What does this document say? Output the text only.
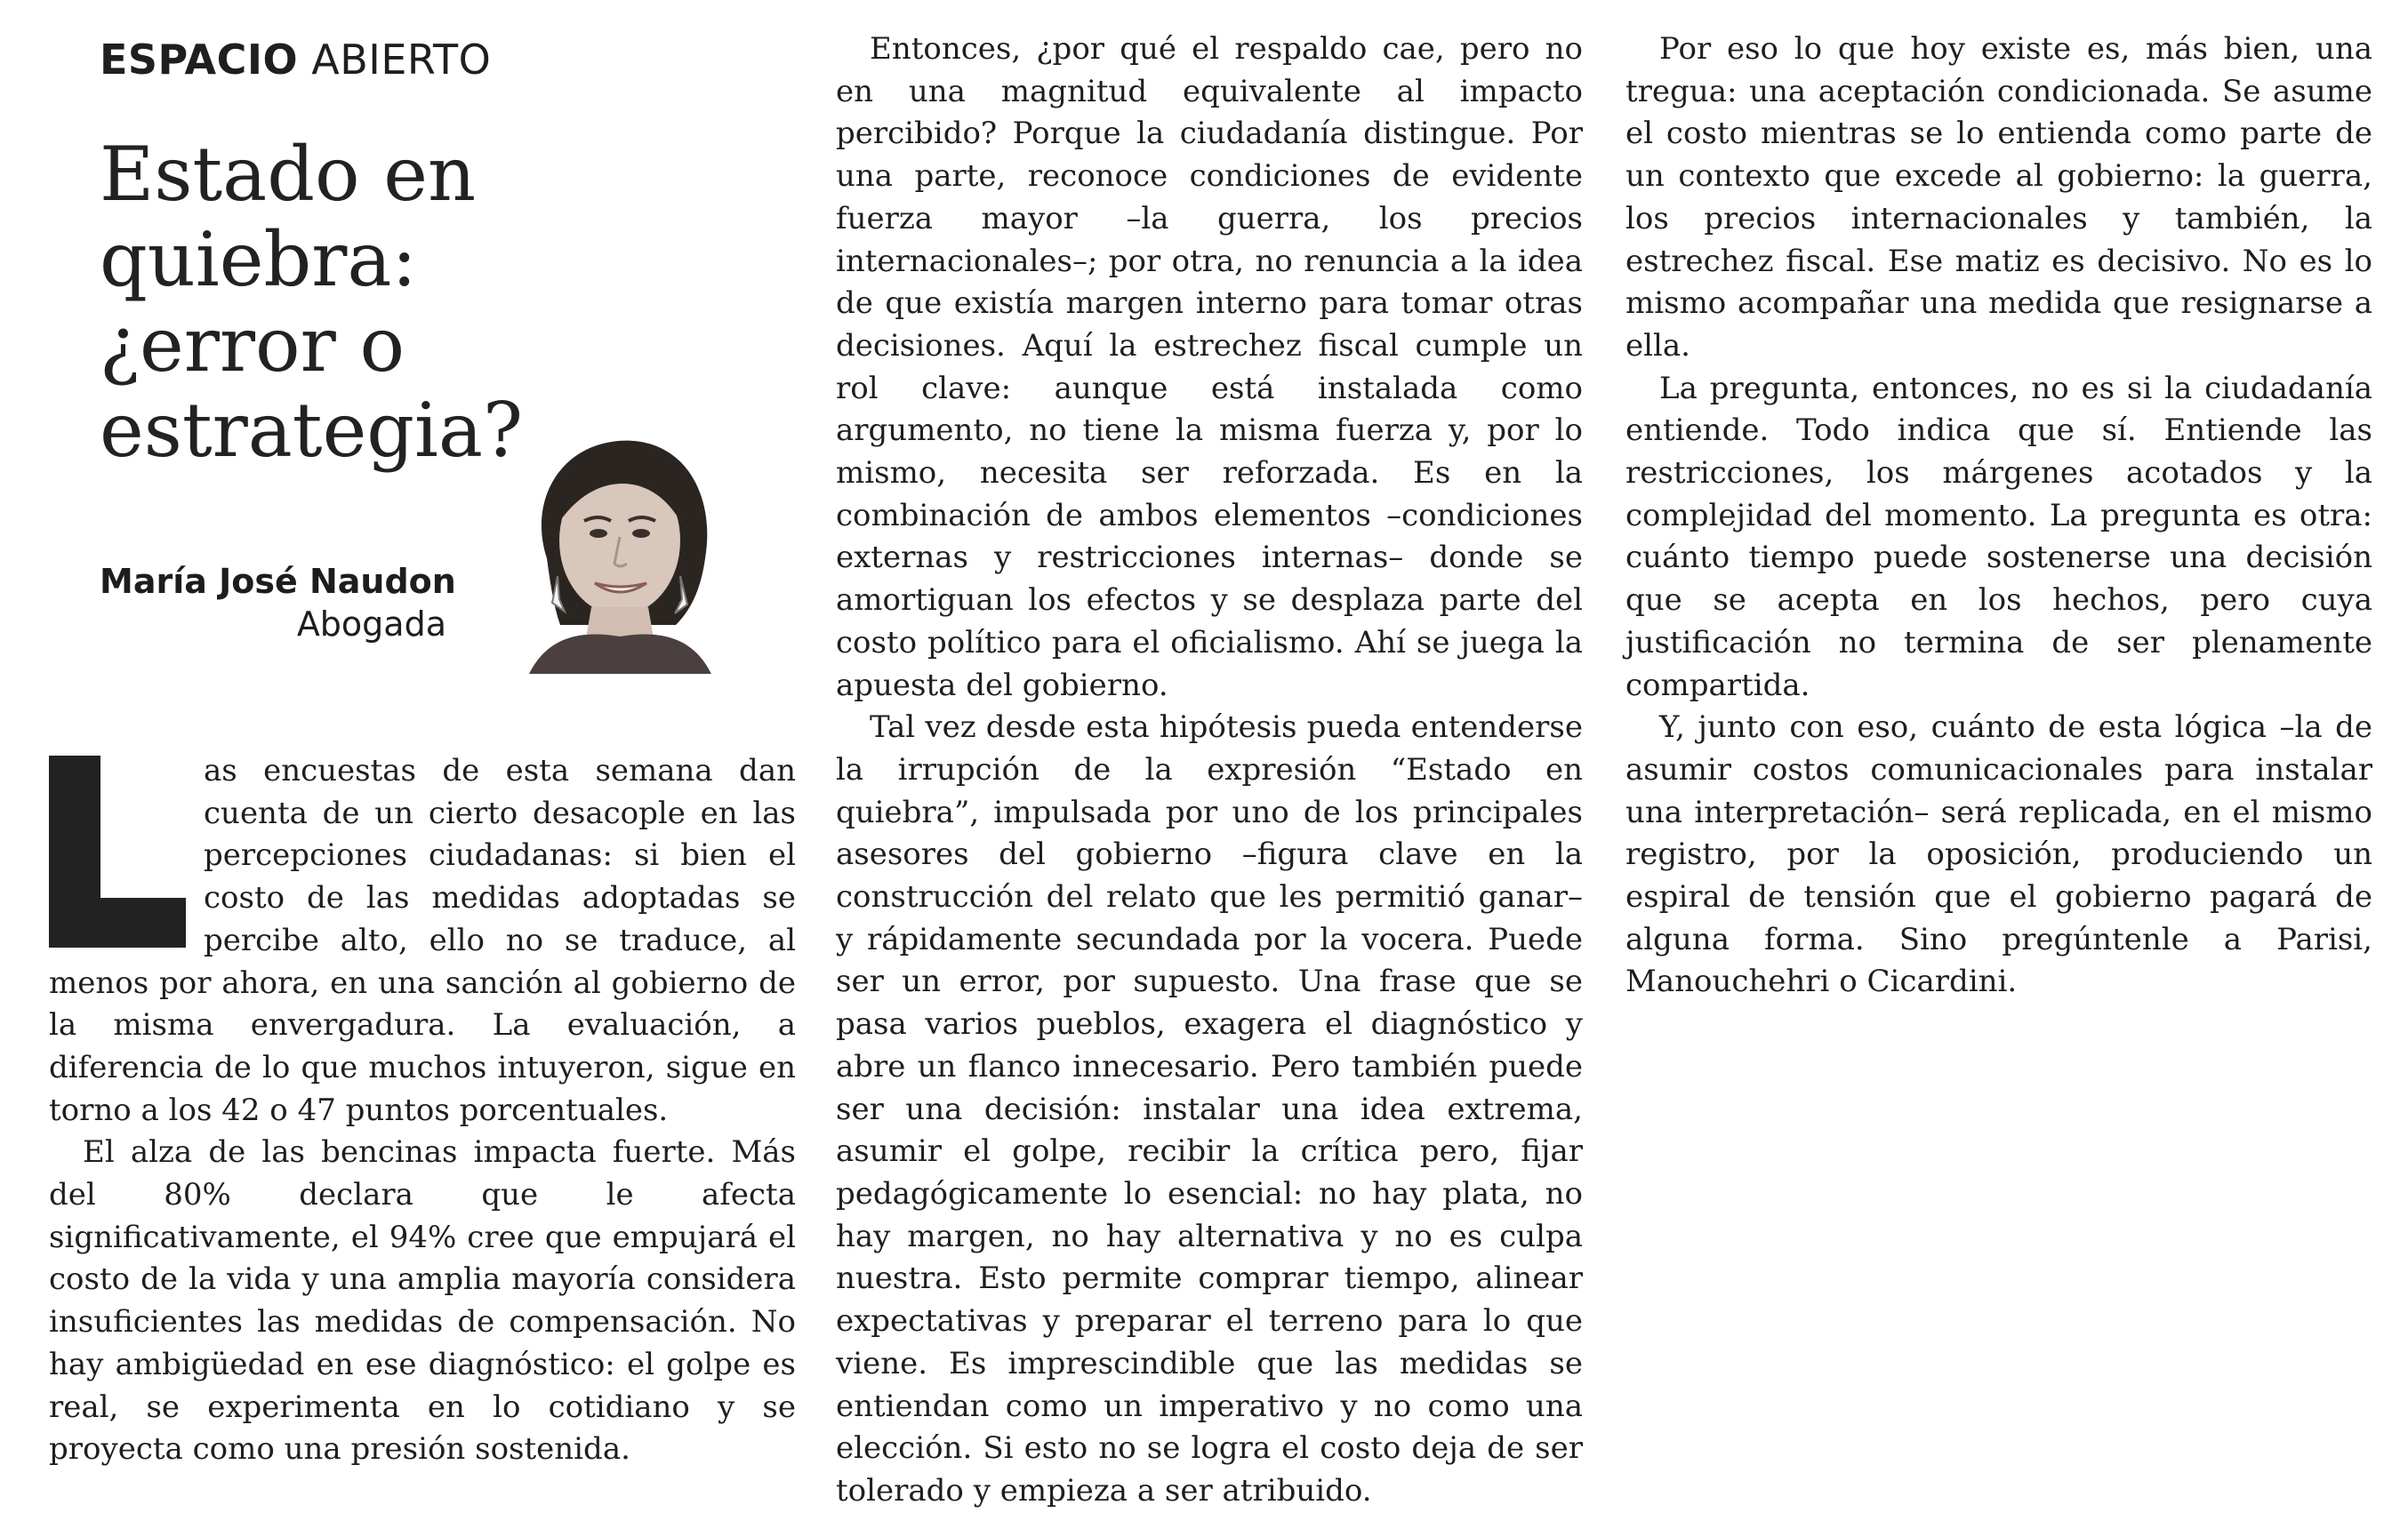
ESPACIO ABIERTO
Estado en quiebra: ¿error o estrategia?
María José Naudon
Abogada
L

as encuestas de esta semana dan cuenta de un cierto desacople en las percepciones ciudadanas: si bien el costo de las medidas adoptadas se percibe alto, ello no se traduce, al menos por ahora, en una sanción al gobierno de la misma envergadura. La evaluación, a diferencia de lo que muchos intuyeron, sigue en torno a los 42 o 47 puntos porcentuales.

El alza de las bencinas impacta fuerte. Más del 80% declara que le afecta significativamente, el 94% cree que empujará el costo de la vida y una amplia mayoría considera insuficientes las medidas de compensación. No hay ambigüedad en ese diagnóstico: el golpe es real, se experimenta en lo cotidiano y se proyecta como una presión sostenida.

Entonces, ¿por qué el respaldo cae, pero no en una magnitud equivalente al impacto percibido? Porque la ciudadanía distingue. Por una parte, reconoce condiciones de evidente fuerza mayor –la guerra, los precios internacionales–; por otra, no renuncia a la idea de que existía margen interno para tomar otras decisiones. Aquí la estrechez fiscal cumple un rol clave: aunque está instalada como argumento, no tiene la misma fuerza y, por lo mismo, necesita ser reforzada. Es en la combinación de ambos elementos –condiciones externas y restricciones internas– donde se amortiguan los efectos y se desplaza parte del costo político para el oficialismo. Ahí se juega la apuesta del gobierno.

Tal vez desde esta hipótesis pueda entenderse la irrupción de la expresión “Estado en quiebra”, impulsada por uno de los principales asesores del gobierno –figura clave en la construcción del relato que les permitió ganar– y rápidamente secundada por la vocera. Puede ser un error, por supuesto. Una frase que se pasa varios pueblos, exagera el diagnóstico y abre un flanco innecesario. Pero también puede ser una decisión: instalar una idea extrema, asumir el golpe, recibir la crítica pero, fijar pedagógicamente lo esencial: no hay plata, no hay margen, no hay alternativa y no es culpa nuestra. Esto permite comprar tiempo, alinear expectativas y preparar el terreno para lo que viene. Es imprescindible que las medidas se entiendan como un imperativo y no como una elección. Si esto no se logra el costo deja de ser tolerado y empieza a ser atribuido.

Por eso lo que hoy existe es, más bien, una tregua: una aceptación condicionada. Se asume el costo mientras se lo entienda como parte de un contexto que excede al gobierno: la guerra, los precios internacionales y también, la estrechez fiscal. Ese matiz es decisivo. No es lo mismo acompañar una medida que resignarse a ella.

La pregunta, entonces, no es si la ciudadanía entiende. Todo indica que sí. Entiende las restricciones, los márgenes acotados y la complejidad del momento. La pregunta es otra: cuánto tiempo puede sostenerse una decisión que se acepta en los hechos, pero cuya justificación no termina de ser plenamente compartida.

Y, junto con eso, cuánto de esta lógica –la de asumir costos comunicacionales para instalar una interpretación– será replicada, en el mismo registro, por la oposición, produciendo un espiral de tensión que el gobierno pagará de alguna forma. Sino pregúntenle a Parisi, Manouchehri o Cicardini.
